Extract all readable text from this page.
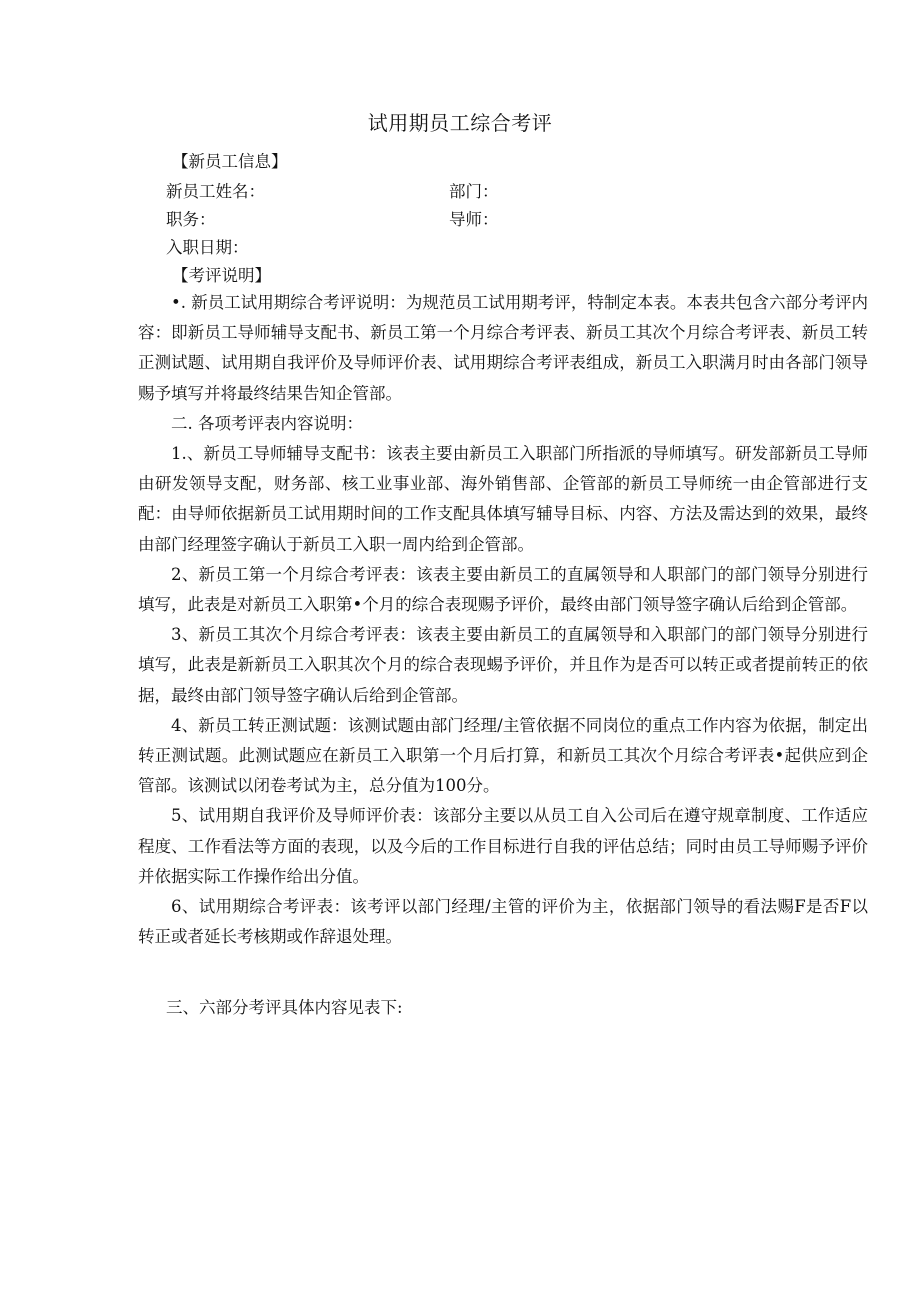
试用期员工综合考评
【新员工信息】
新员工姓名：	部门：
职务：	导师：
入职日期：
【考评说明】

•. 新员工试用期综合考评说明：为规范员工试用期考评，特制定本表。本表共包含六部分考评内容：即新员工导师辅导支配书、新员工第一个月综合考评表、新员工其次个月综合考评表、新员工转正测试题、试用期自我评价及导师评价表、试用期综合考评表组成，新员工入职满月时由各部门领导赐予填写并将最终结果告知企管部。

二. 各项考评表内容说明：

1.、新员工导师辅导支配书：该表主要由新员工入职部门所指派的导师填写。研发部新员工导师由研发领导支配，财务部、核工业事业部、海外销售部、企管部的新员工导师统一由企管部进行支配：由导师依据新员工试用期时间的工作支配具体填写辅导目标、内容、方法及需达到的效果，最终由部门经理签字确认于新员工入职一周内给到企管部。

2、新员工第一个月综合考评表：该表主要由新员工的直属领导和人职部门的部门领导分别进行填写，此表是对新员工入职第•个月的综合表现赐予评价，最终由部门领导签字确认后给到企管部。

3、新员工其次个月综合考评表：该表主要由新员工的直属领导和入职部门的部门领导分别进行填写，此表是新新员工入职其次个月的综合表现蜴予评价，并且作为是否可以转正或者提前转正的依据，最终由部门领导签字确认后给到企管部。

4、新员工转正测试题：该测试题由部门经理/主管依据不同岗位的重点工作内容为依据，制定出转正测试题。此测试题应在新员工入职第一个月后打算，和新员工其次个月综合考评表•起供应到企管部。该测试以闭卷考试为主，总分值为100分。

5、试用期自我评价及导师评价表：该部分主要以从员工自入公司后在遵守规章制度、工作适应程度、工作看法等方面的表现，以及今后的工作目标进行自我的评估总结；同时由员工导师赐予评价并依据实际工作操作给出分值。

6、试用期综合考评表：该考评以部门经理/主管的评价为主，依据部门领导的看法赐F是否F以转正或者延长考核期或作辞退处理。

三、六部分考评具体内容见表下:
